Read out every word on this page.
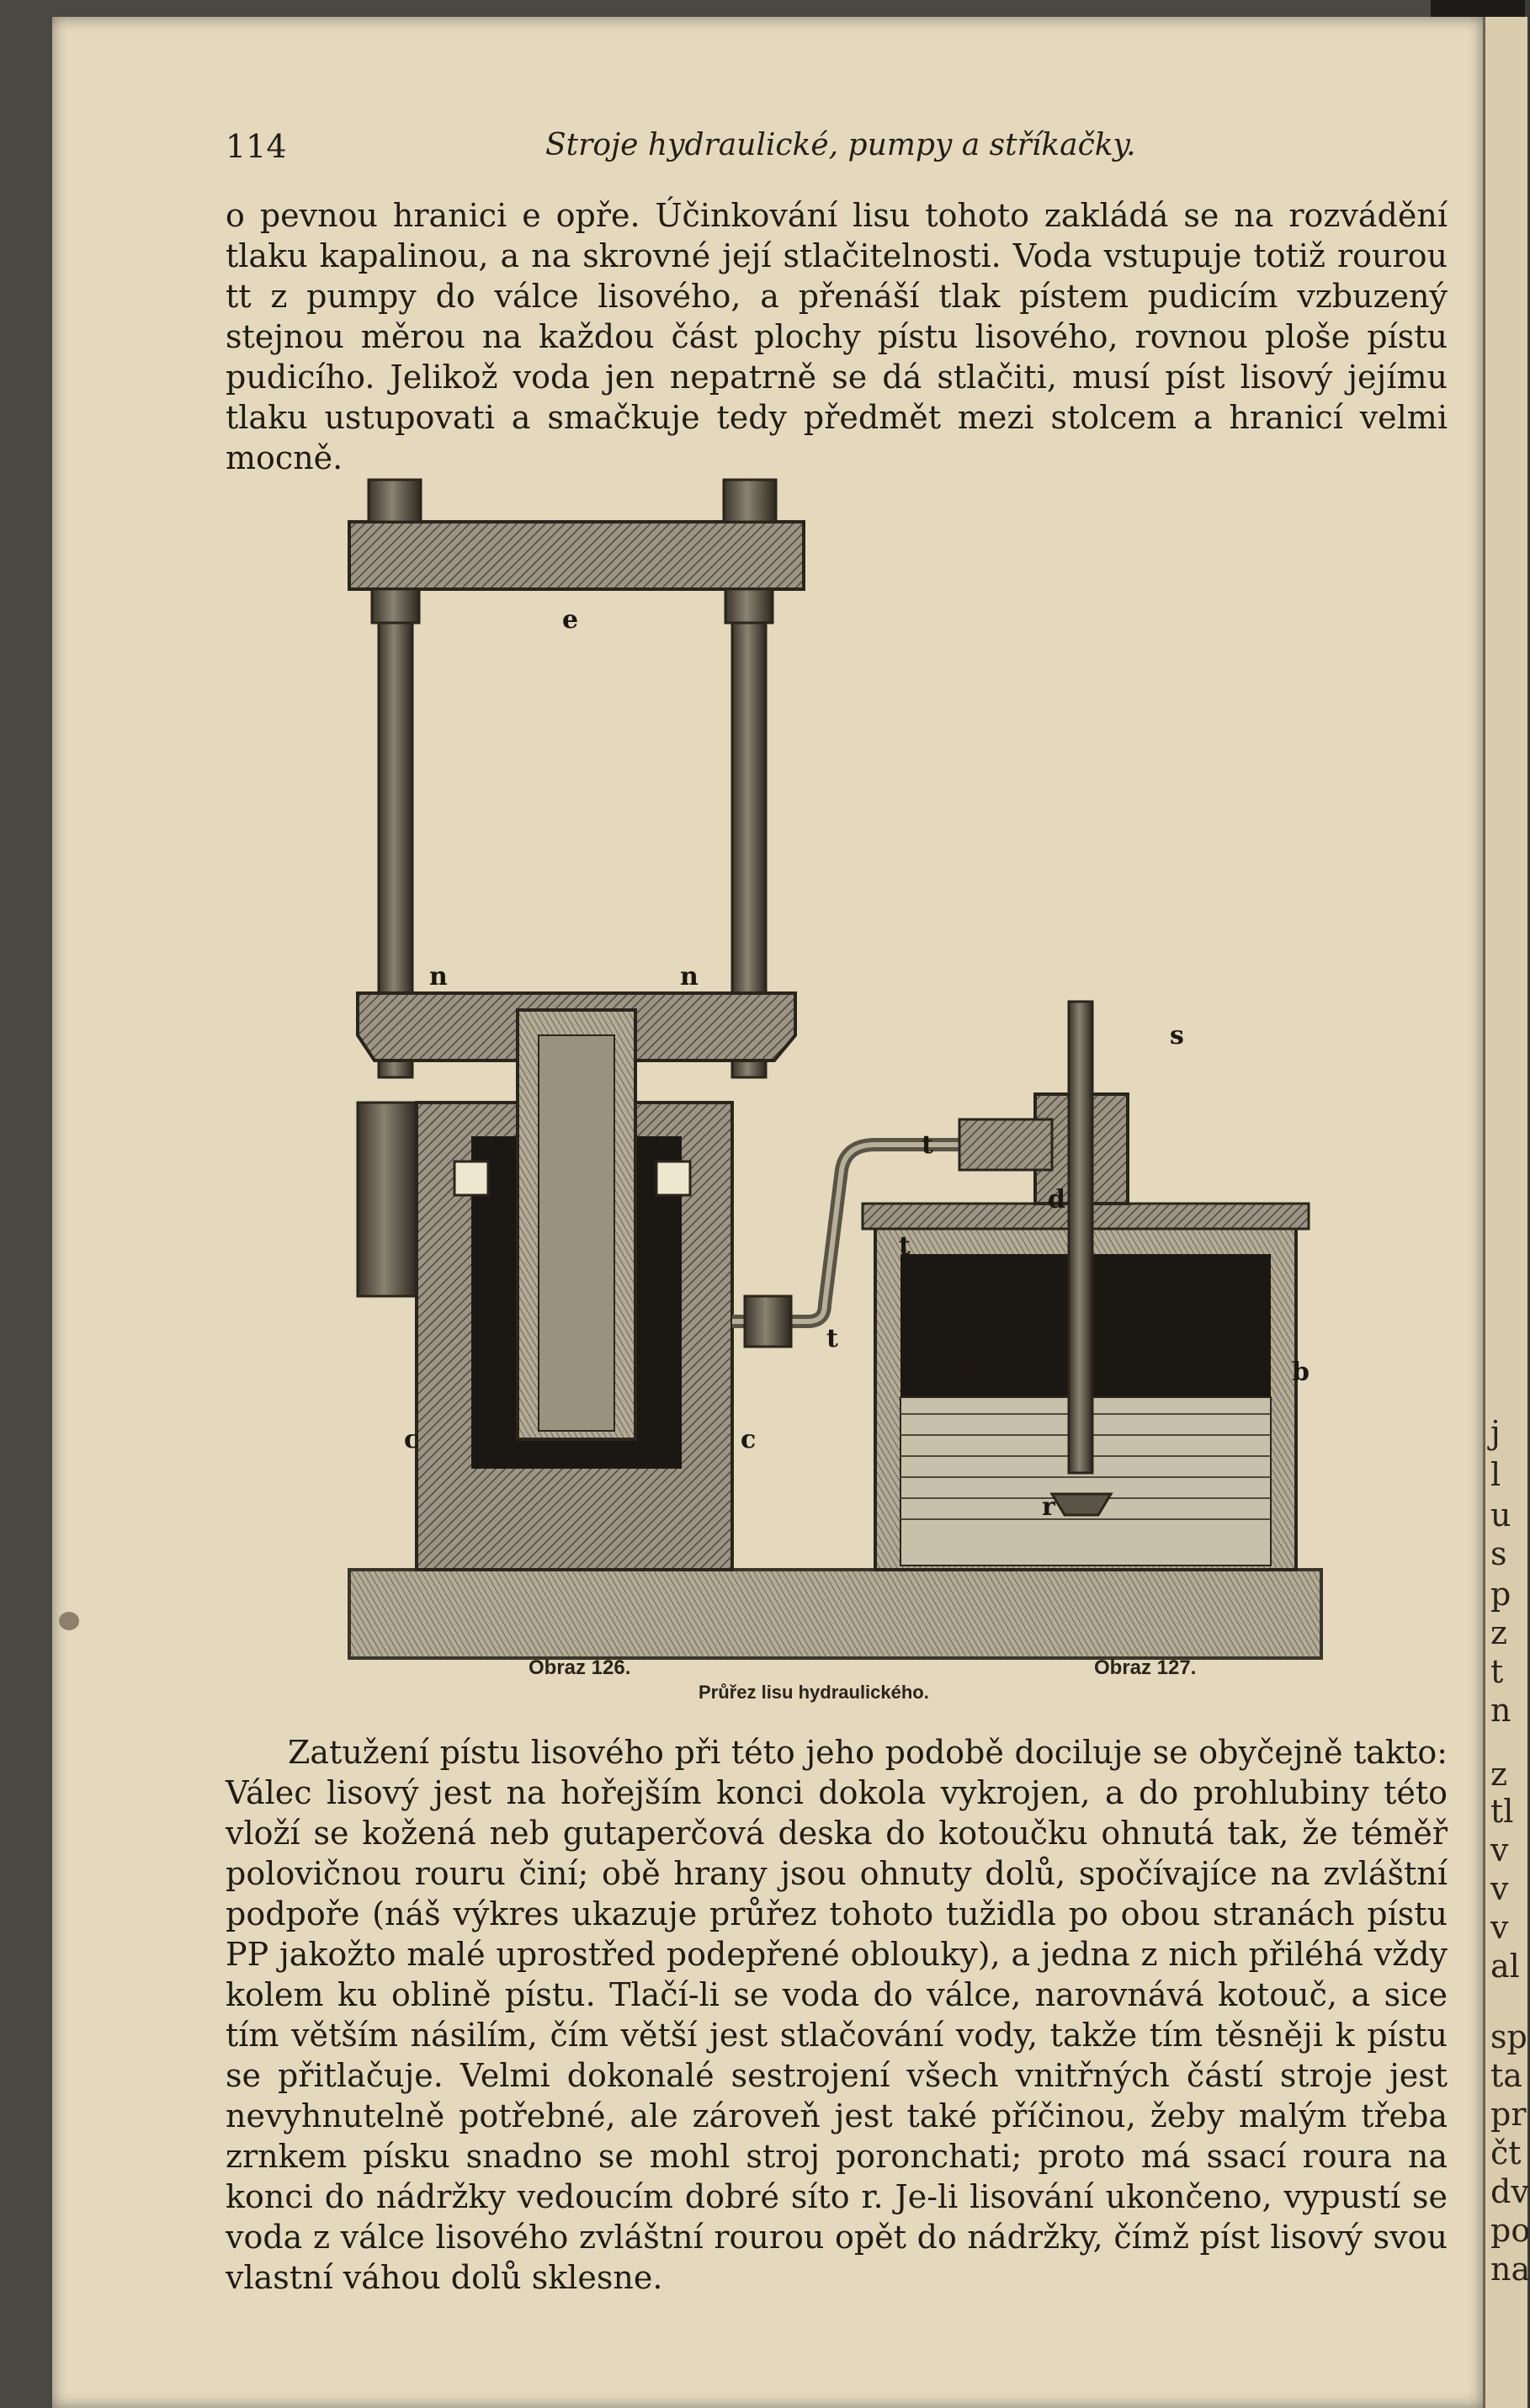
j
l
u
s
p
z
t
n
z
tl
v
v
v
al
sp
ta
pr
čt
dv
po
na
114	Stroje hydraulické, pumpy a stříkačky.
o pevnou hranici e opře. Účinkování lisu tohoto zakládá se na rozvádění tlaku kapalinou, a na skrovné její stlačitelnosti. Voda vstupuje totiž rourou tt z pumpy do válce lisového, a přenáší tlak pístem pudicím vzbuzený stejnou měrou na každou část plochy pístu lisového, rovnou ploše pístu pudicího. Jelikož voda jen nepatrně se dá stlačiti, musí píst lisový jejímu tlaku ustupovati a smačkuje tedy předmět mezi stolcem a hranicí velmi mocně.
e
n	n
c	c
t
t
t
d
s
b	b
r
Obraz 126.	Obraz 127.
Průřez lisu hydraulického.
Zatužení pístu lisového při této jeho podobě dociluje se obyčejně takto: Válec lisový jest na hořejším konci dokola vykrojen, a do prohlubiny této vloží se kožená neb gutaperčová deska do kotoučku ohnutá tak, že téměř polovičnou rouru činí; obě hrany jsou ohnuty dolů, spočívajíce na zvláštní podpoře (náš výkres ukazuje průřez tohoto tužidla po obou stranách pístu PP jakožto malé uprostřed podepřené oblouky), a jedna z nich přiléhá vždy kolem ku oblině pístu. Tlačí-li se voda do válce, narovnává kotouč, a sice tím větším násilím, čím větší jest stlačování vody, takže tím těsněji k pístu se přitlačuje. Velmi dokonalé sestrojení všech vnitřných částí stroje jest nevyhnutelně potřebné, ale zároveň jest také příčinou, žeby malým třeba zrnkem písku snadno se mohl stroj poronchati; proto má ssací roura na konci do nádržky vedoucím dobré síto r. Je-li lisování ukončeno, vypustí se voda z válce lisového zvláštní rourou opět do nádržky, čímž píst lisový svou vlastní váhou dolů sklesne.
